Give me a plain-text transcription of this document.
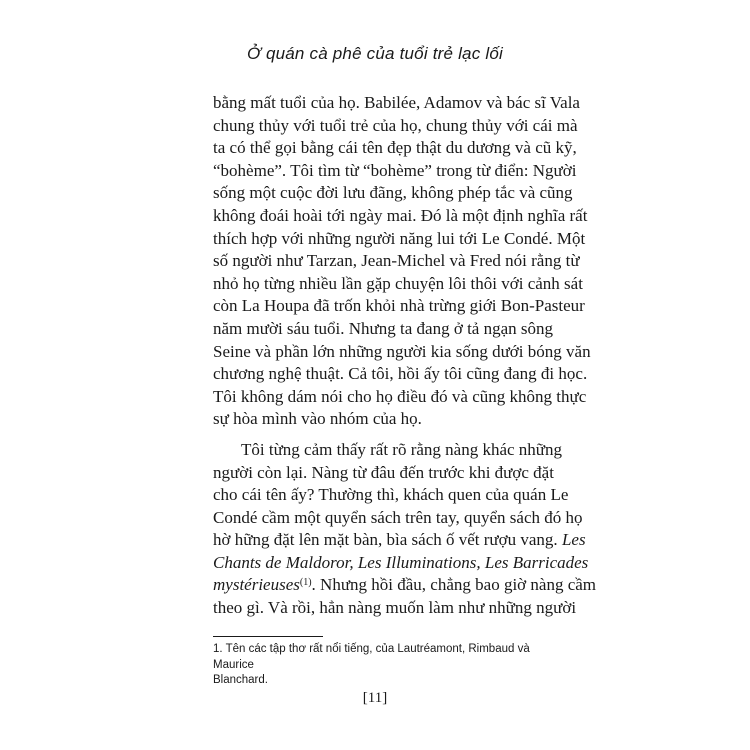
Ở quán cà phê của tuổi trẻ lạc lối

bằng mất tuổi của họ. Babilée, Adamov và bác sĩ Vala
chung thủy với tuổi trẻ của họ, chung thủy với cái mà
ta có thể gọi bằng cái tên đẹp thật du dương và cũ kỹ,
“bohème”. Tôi tìm từ “bohème” trong từ điển: Người
sống một cuộc đời lưu đãng, không phép tắc và cũng
không đoái hoài tới ngày mai. Đó là một định nghĩa rất
thích hợp với những người năng lui tới Le Condé. Một
số người như Tarzan, Jean-Michel và Fred nói rằng từ
nhỏ họ từng nhiều lần gặp chuyện lôi thôi với cảnh sát
còn La Houpa đã trốn khỏi nhà trừng giới Bon-Pasteur
năm mười sáu tuổi. Nhưng ta đang ở tả ngạn sông
Seine và phần lớn những người kia sống dưới bóng văn
chương nghệ thuật. Cả tôi, hồi ấy tôi cũng đang đi học.
Tôi không dám nói cho họ điều đó và cũng không thực
sự hòa mình vào nhóm của họ.

Tôi từng cảm thấy rất rõ rằng nàng khác những
người còn lại. Nàng từ đâu đến trước khi được đặt
cho cái tên ấy? Thường thì, khách quen của quán Le
Condé cầm một quyển sách trên tay, quyển sách đó họ
hờ hững đặt lên mặt bàn, bìa sách ố vết rượu vang. Les
Chants de Maldoror, Les Illuminations, Les Barricades
mystérieuses$^{(1)}$. Nhưng hồi đầu, chẳng bao giờ nàng cầm
theo gì. Và rồi, hẳn nàng muốn làm như những người

1. Tên các tập thơ rất nổi tiếng, của Lautréamont, Rimbaud và Maurice
Blanchard.
[11]
